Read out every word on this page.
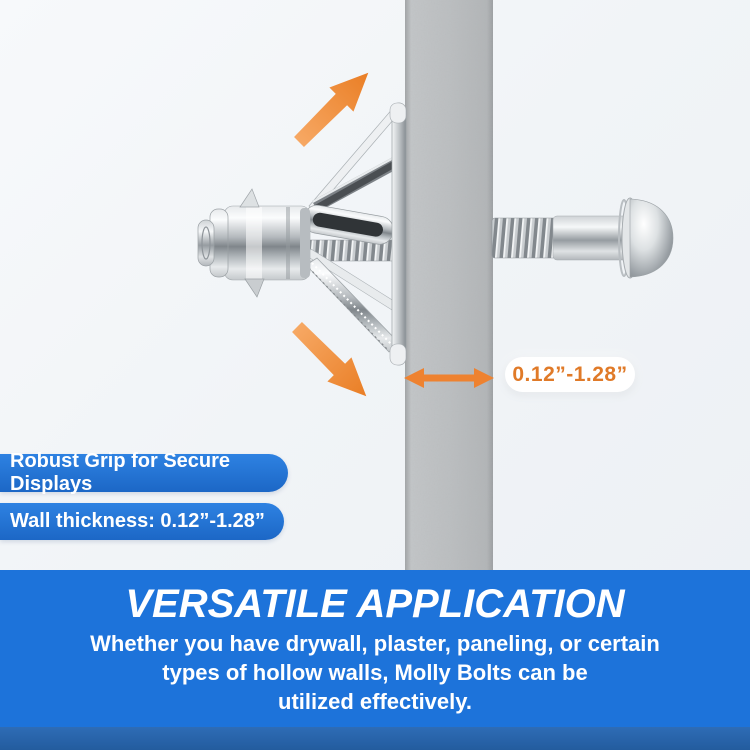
0.12”-1.28”
Robust Grip for Secure Displays
Wall thickness: 0.12”-1.28”
VERSATILE APPLICATION

Whether you have drywall, plaster, paneling, or certain
types of hollow walls, Molly Bolts can be
utilized effectively.
